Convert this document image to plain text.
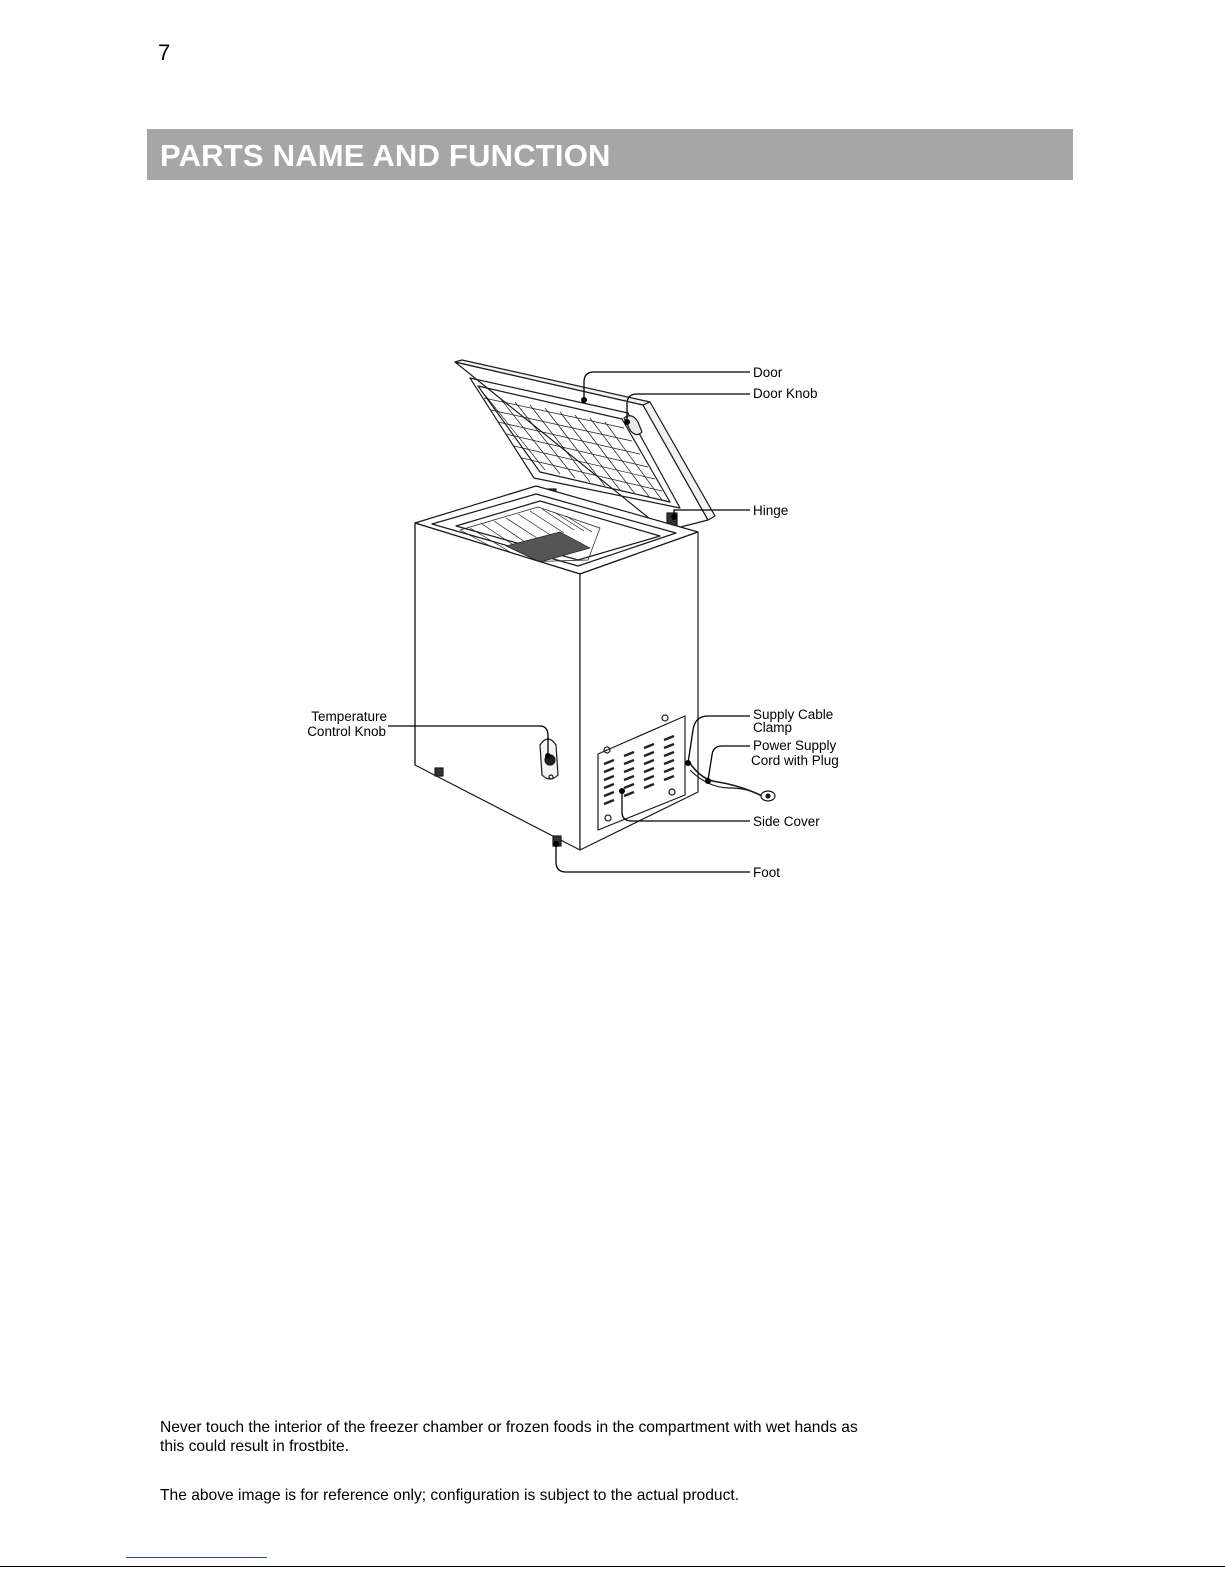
7
PARTS NAME AND FUNCTION
Door
Door Knob
Hinge
Temperature
Control Knob
Supply Cable
Clamp
Power Supply
Cord with Plug
Side Cover
Foot
Never touch the interior of the freezer chamber or frozen foods in the compartment with wet hands as this could result in frostbite.
The above image is for reference only; configuration is subject to the actual product.
